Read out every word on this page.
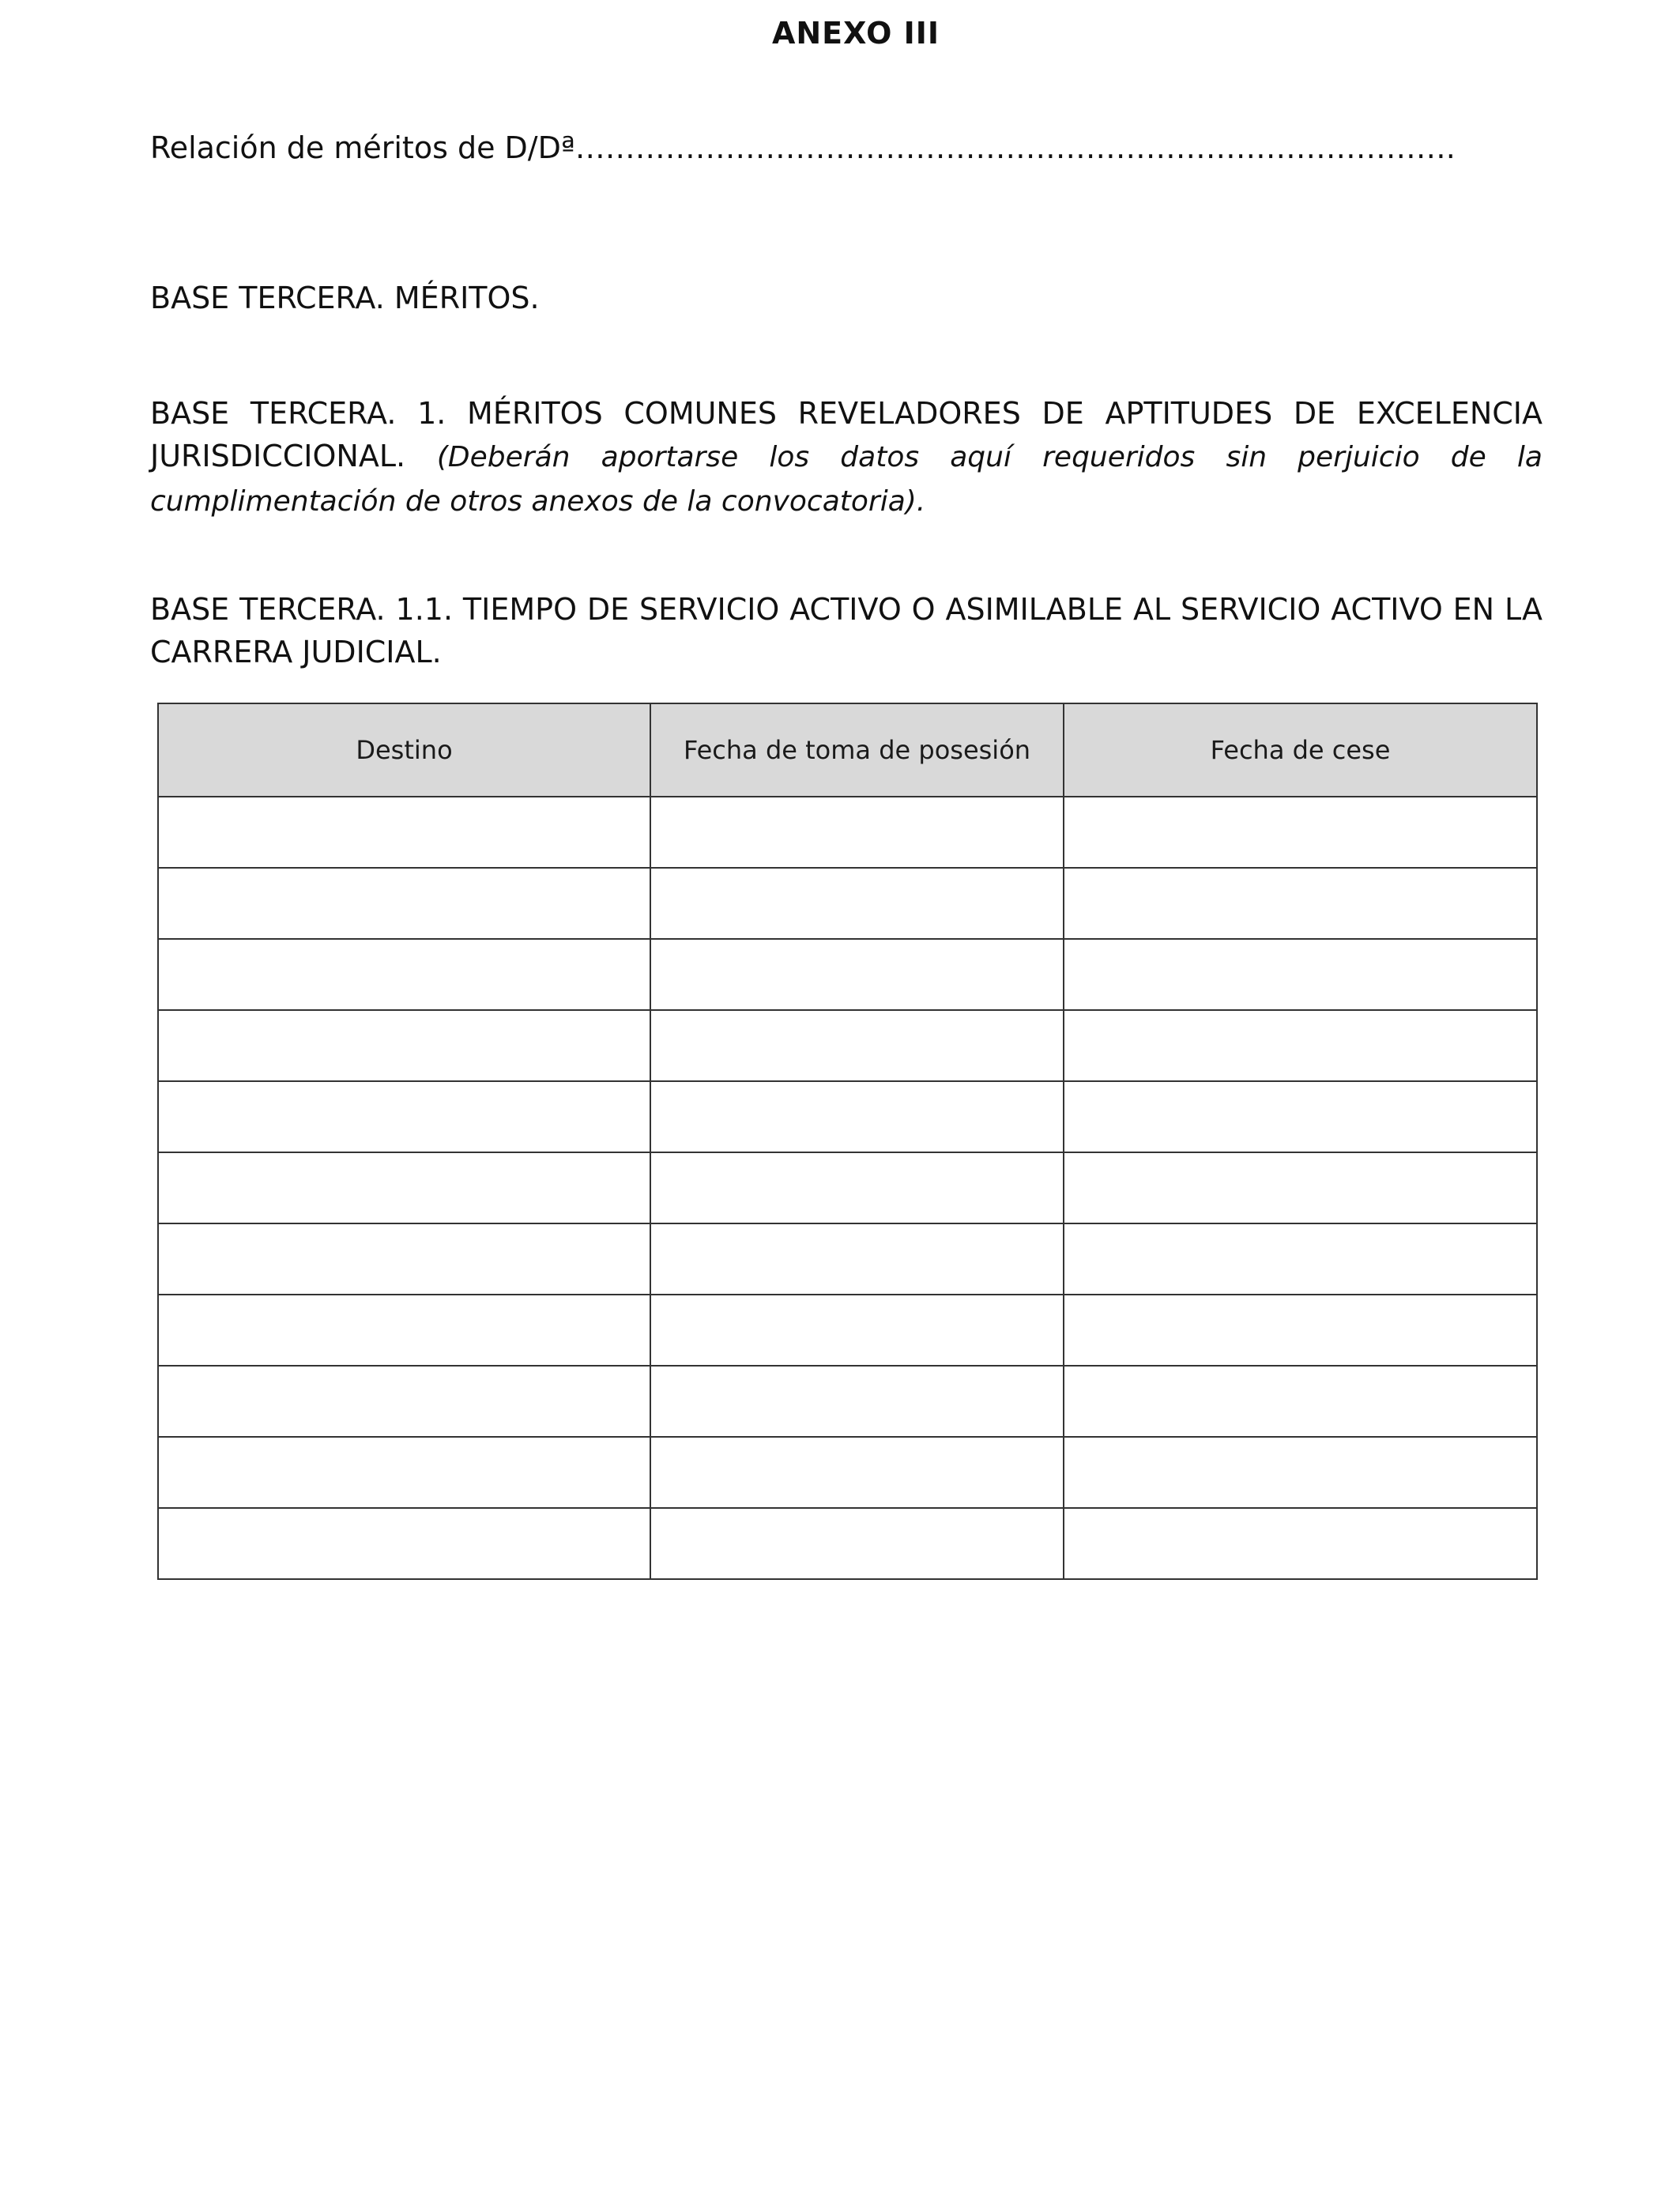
ANEXO III
Relación de méritos de D/Dª…………………………………………………………………………….
BASE TERCERA. MÉRITOS.
BASE TERCERA. 1. MÉRITOS COMUNES REVELADORES DE APTITUDES DE EXCELENCIA JURISDICCIONAL. (Deberán aportarse los datos aquí requeridos sin perjuicio de la cumplimentación de otros anexos de la convocatoria).
BASE TERCERA. 1.1. TIEMPO DE SERVICIO ACTIVO O ASIMILABLE AL SERVICIO ACTIVO EN LA CARRERA JUDICIAL.
Destino	Fecha de toma de posesión	Fecha de cese
